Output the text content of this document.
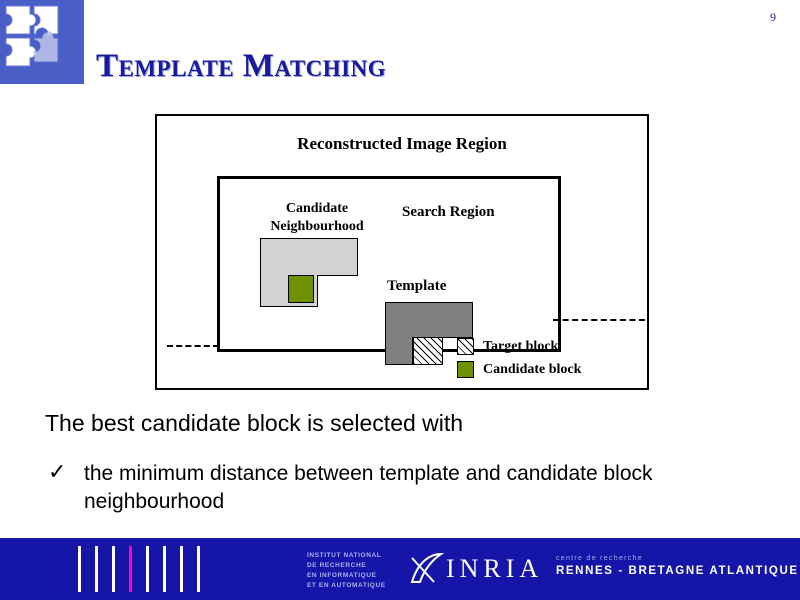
9
Template Matching
Reconstructed Image Region
Search Region
Candidate
Neighbourhood
Template
Target block
Candidate block
The best candidate block is selected with
✓ the minimum distance between template and candidate block neighbourhood
INSTITUT NATIONAL
DE RECHERCHE
EN INFORMATIQUE
ET EN AUTOMATIQUE
INRIA centre de recherche
RENNES - BRETAGNE ATLANTIQUE
